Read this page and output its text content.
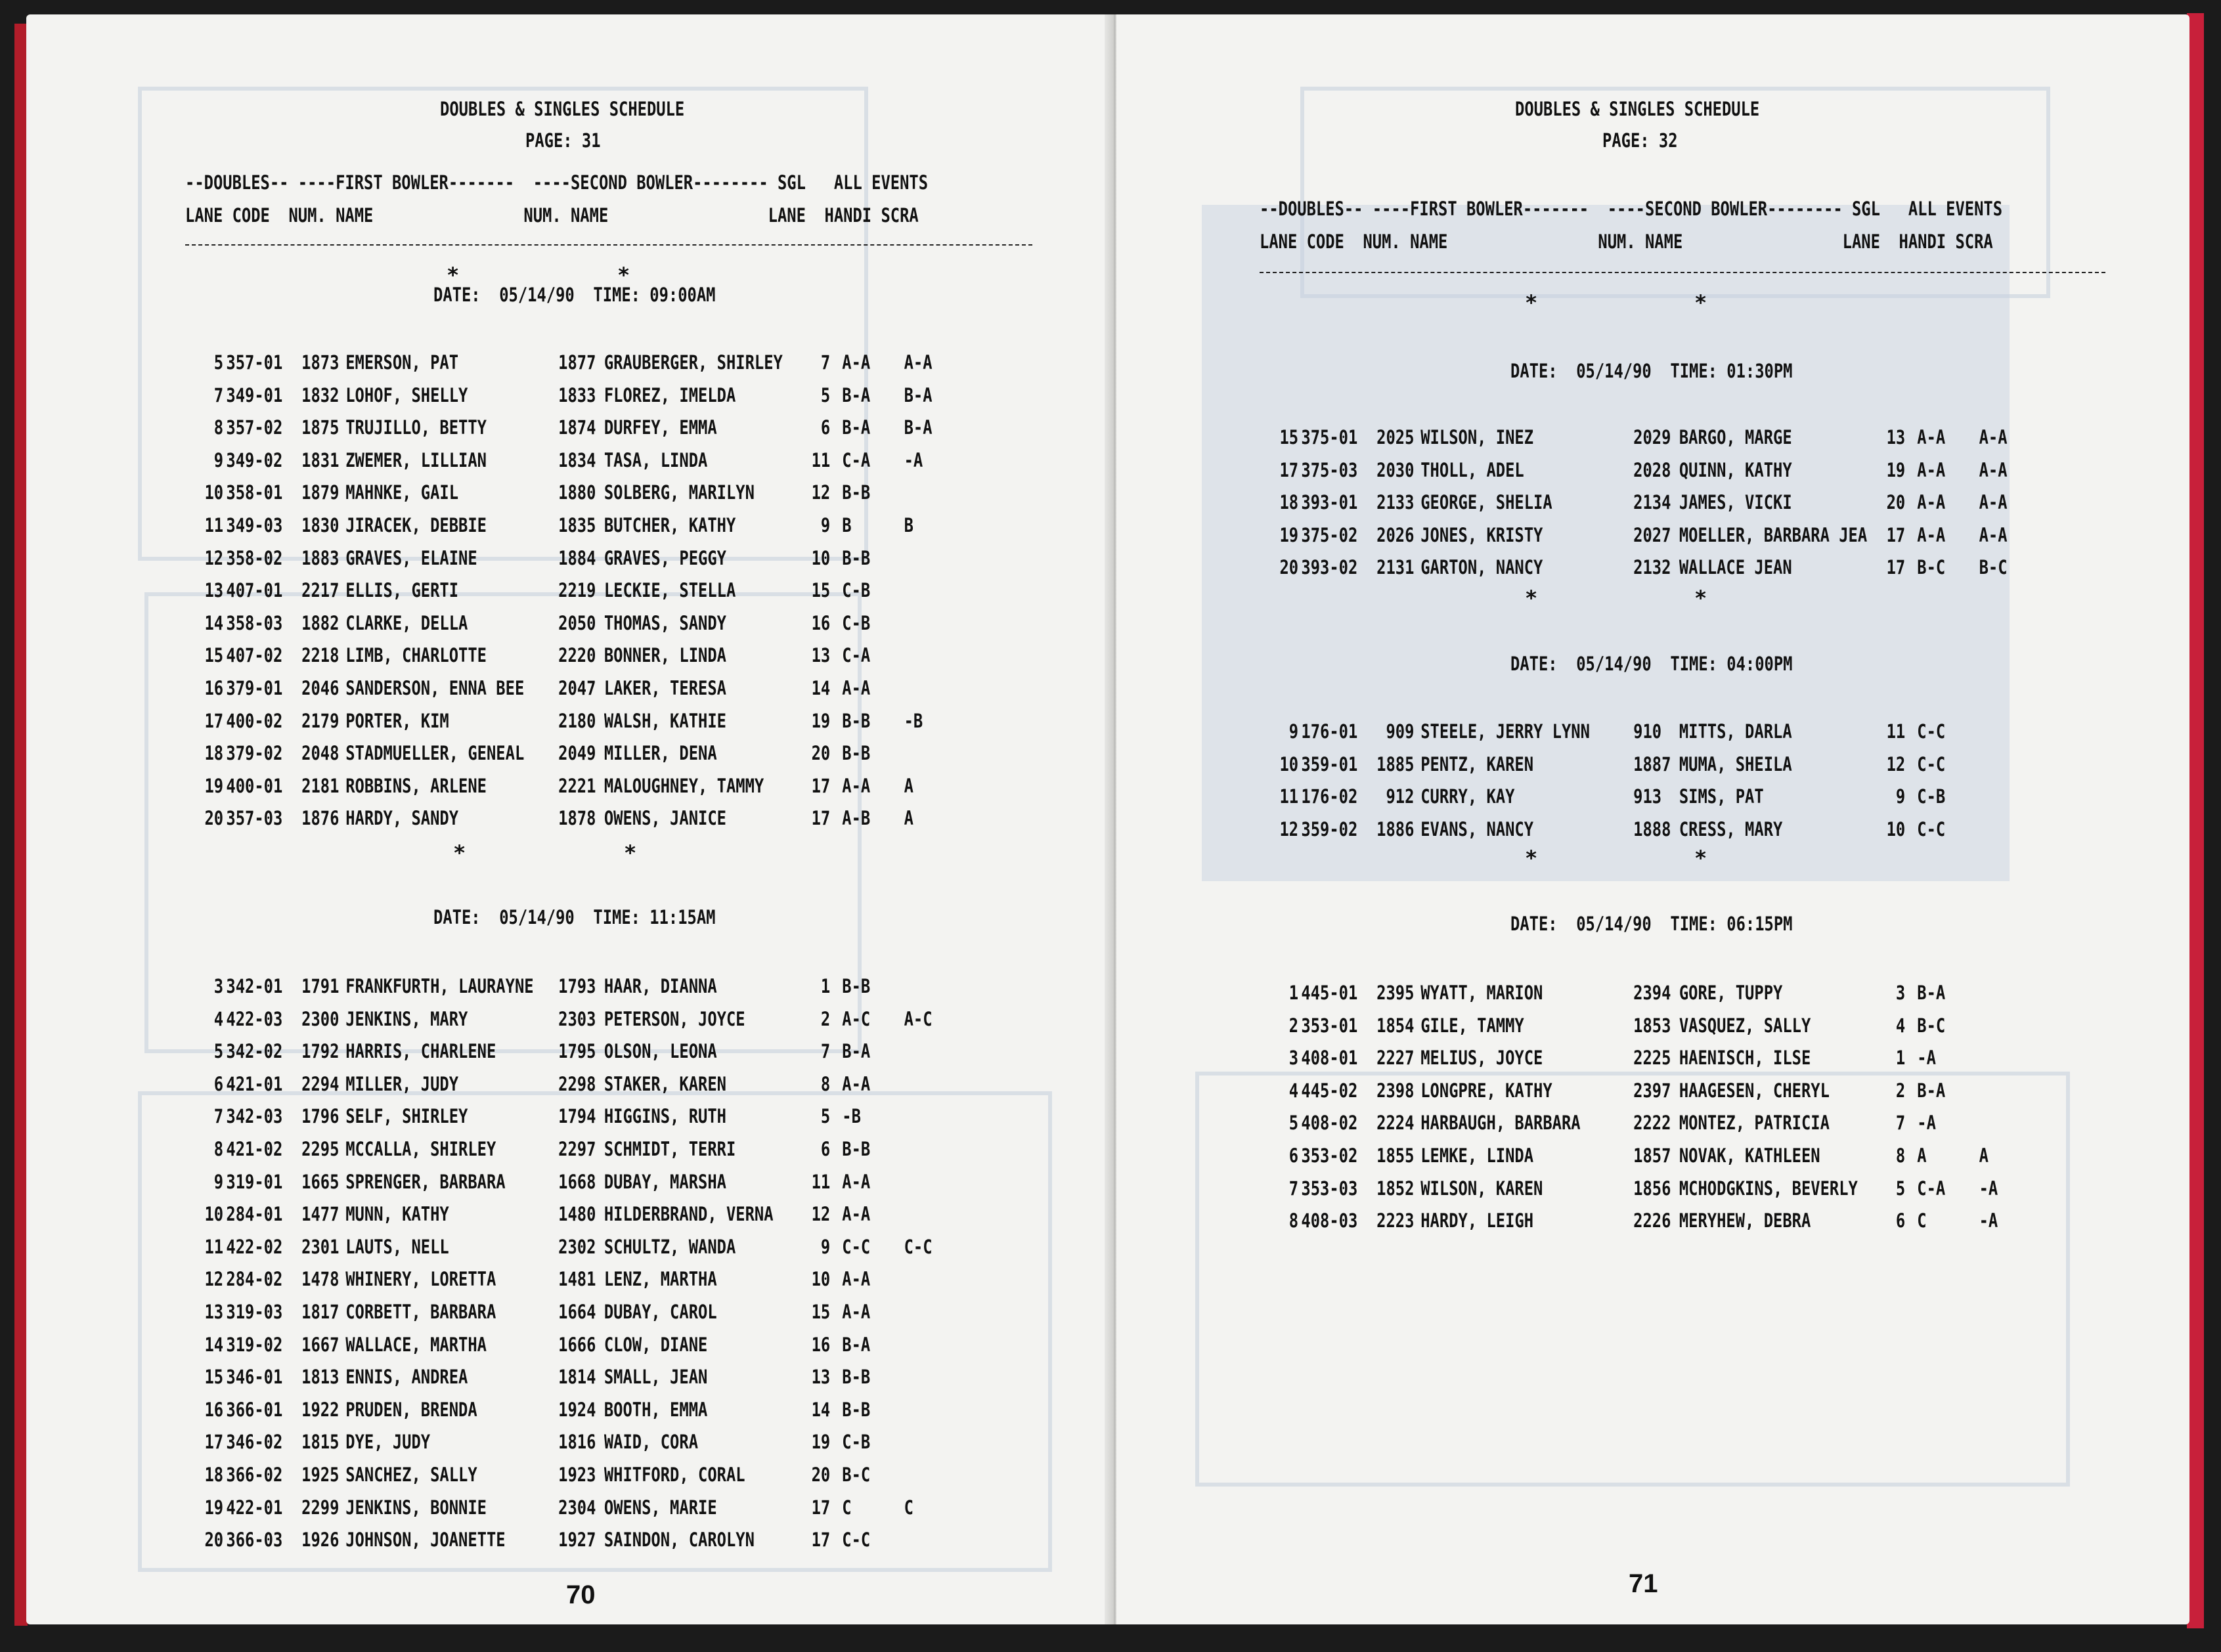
DOUBLES & SINGLES SCHEDULE

PAGE: 31

--DOUBLES-- ----FIRST BOWLER-------  ----SECOND BOWLER-------- SGL   ALL EVENTS

LANE CODE  NUM. NAME                NUM. NAME                 LANE  HANDI SCRA

*	*
DATE:  05/14/90  TIME: 09:00AM
5 357-01 1873 EMERSON, PAT	1877 GRAUBERGER, SHIRLEY 7 A-A A-A
7 349-01 1832 LOHOF, SHELLY	1833 FLOREZ, IMELDA	5 B-A B-A
8 357-02 1875 TRUJILLO, BETTY	1874 DURFEY, EMMA	6 B-A B-A
9 349-02 1831 ZWEMER, LILLIAN	1834 TASA, LINDA	11 C-A -A
10 358-01 1879 MAHNKE, GAIL	1880 SOLBERG, MARILYN	12 B-B
11 349-03 1830 JIRACEK, DEBBIE	1835 BUTCHER, KATHY	9 B	B
12 358-02 1883 GRAVES, ELAINE	1884 GRAVES, PEGGY	10 B-B
13 407-01 2217 ELLIS, GERTI	2219 LECKIE, STELLA	15 C-B
14 358-03 1882 CLARKE, DELLA	2050 THOMAS, SANDY	16 C-B
15 407-02 2218 LIMB, CHARLOTTE	2220 BONNER, LINDA	13 C-A
16 379-01 2046 SANDERSON, ENNA BEE 2047 LAKER, TERESA	14 A-A
17 400-02 2179 PORTER, KIM	2180 WALSH, KATHIE	19 B-B -B
18 379-02 2048 STADMUELLER, GENEAL 2049 MILLER, DENA	20 B-B
19 400-01 2181 ROBBINS, ARLENE	2221 MALOUGHNEY, TAMMY 17 A-A A
20 357-03 1876 HARDY, SANDY	1878 OWENS, JANICE	17 A-B A
*	*
DATE:  05/14/90  TIME: 11:15AM
3 342-01 1791 FRANKFURTH, LAURAYNE 1793 HAAR, DIANNA	1 B-B
4 422-03 2300 JENKINS, MARY	2303 PETERSON, JOYCE	2 A-C A-C
5 342-02 1792 HARRIS, CHARLENE	1795 OLSON, LEONA	7 B-A
6 421-01 2294 MILLER, JUDY	2298 STAKER, KAREN	8 A-A
7 342-03 1796 SELF, SHIRLEY	1794 HIGGINS, RUTH	5 -B
8 421-02 2295 MCCALLA, SHIRLEY	2297 SCHMIDT, TERRI	6 B-B
9 319-01 1665 SPRENGER, BARBARA	1668 DUBAY, MARSHA	11 A-A
10 284-01 1477 MUNN, KATHY	1480 HILDERBRAND, VERNA 12 A-A
11 422-02 2301 LAUTS, NELL	2302 SCHULTZ, WANDA	9 C-C C-C
12 284-02 1478 WHINERY, LORETTA	1481 LENZ, MARTHA	10 A-A
13 319-03 1817 CORBETT, BARBARA	1664 DUBAY, CAROL	15 A-A
14 319-02 1667 WALLACE, MARTHA	1666 CLOW, DIANE	16 B-A
15 346-01 1813 ENNIS, ANDREA	1814 SMALL, JEAN	13 B-B
16 366-01 1922 PRUDEN, BRENDA	1924 BOOTH, EMMA	14 B-B
17 346-02 1815 DYE, JUDY	1816 WAID, CORA	19 C-B
18 366-02 1925 SANCHEZ, SALLY	1923 WHITFORD, CORAL	20 B-C
19 422-01 2299 JENKINS, BONNIE	2304 OWENS, MARIE	17 C	C
20 366-03 1926 JOHNSON, JOANETTE	1927 SAINDON, CAROLYN	17 C-C
70

DOUBLES & SINGLES SCHEDULE

PAGE: 32

--DOUBLES-- ----FIRST BOWLER-------  ----SECOND BOWLER-------- SGL   ALL EVENTS

LANE CODE  NUM. NAME                NUM. NAME                 LANE  HANDI SCRA

*	*
DATE:  05/14/90  TIME: 01:30PM
15 375-01 2025 WILSON, INEZ	2029 BARGO, MARGE	13 A-A A-A
17 375-03 2030 THOLL, ADEL	2028 QUINN, KATHY	19 A-A A-A
18 393-01 2133 GEORGE, SHELIA	2134 JAMES, VICKI	20 A-A A-A
19 375-02 2026 JONES, KRISTY	2027 MOELLER, BARBARA JEA 17 A-A A-A
20 393-02 2131 GARTON, NANCY	2132 WALLACE JEAN	17 B-C B-C
*	*
DATE:  05/14/90  TIME: 04:00PM
9 176-01 909 STEELE, JERRY LYNN 910 MITTS, DARLA	11 C-C
10 359-01 1885 PENTZ, KAREN	1887 MUMA, SHEILA	12 C-C
11 176-02 912 CURRY, KAY	913 SIMS, PAT	9 C-B
12 359-02 1886 EVANS, NANCY	1888 CRESS, MARY	10 C-C
*	*
DATE:  05/14/90  TIME: 06:15PM
1 445-01 2395 WYATT, MARION	2394 GORE, TUPPY	3 B-A
2 353-01 1854 GILE, TAMMY	1853 VASQUEZ, SALLY	4 B-C
3 408-01 2227 MELIUS, JOYCE	2225 HAENISCH, ILSE	1 -A
4 445-02 2398 LONGPRE, KATHY	2397 HAAGESEN, CHERYL	2 B-A
5 408-02 2224 HARBAUGH, BARBARA	2222 MONTEZ, PATRICIA	7 -A
6 353-02 1855 LEMKE, LINDA	1857 NOVAK, KATHLEEN	8 A	A
7 353-03 1852 WILSON, KAREN	1856 MCHODGKINS, BEVERLY 5 C-A -A
8 408-03 2223 HARDY, LEIGH	2226 MERYHEW, DEBRA	6 C	-A
71
